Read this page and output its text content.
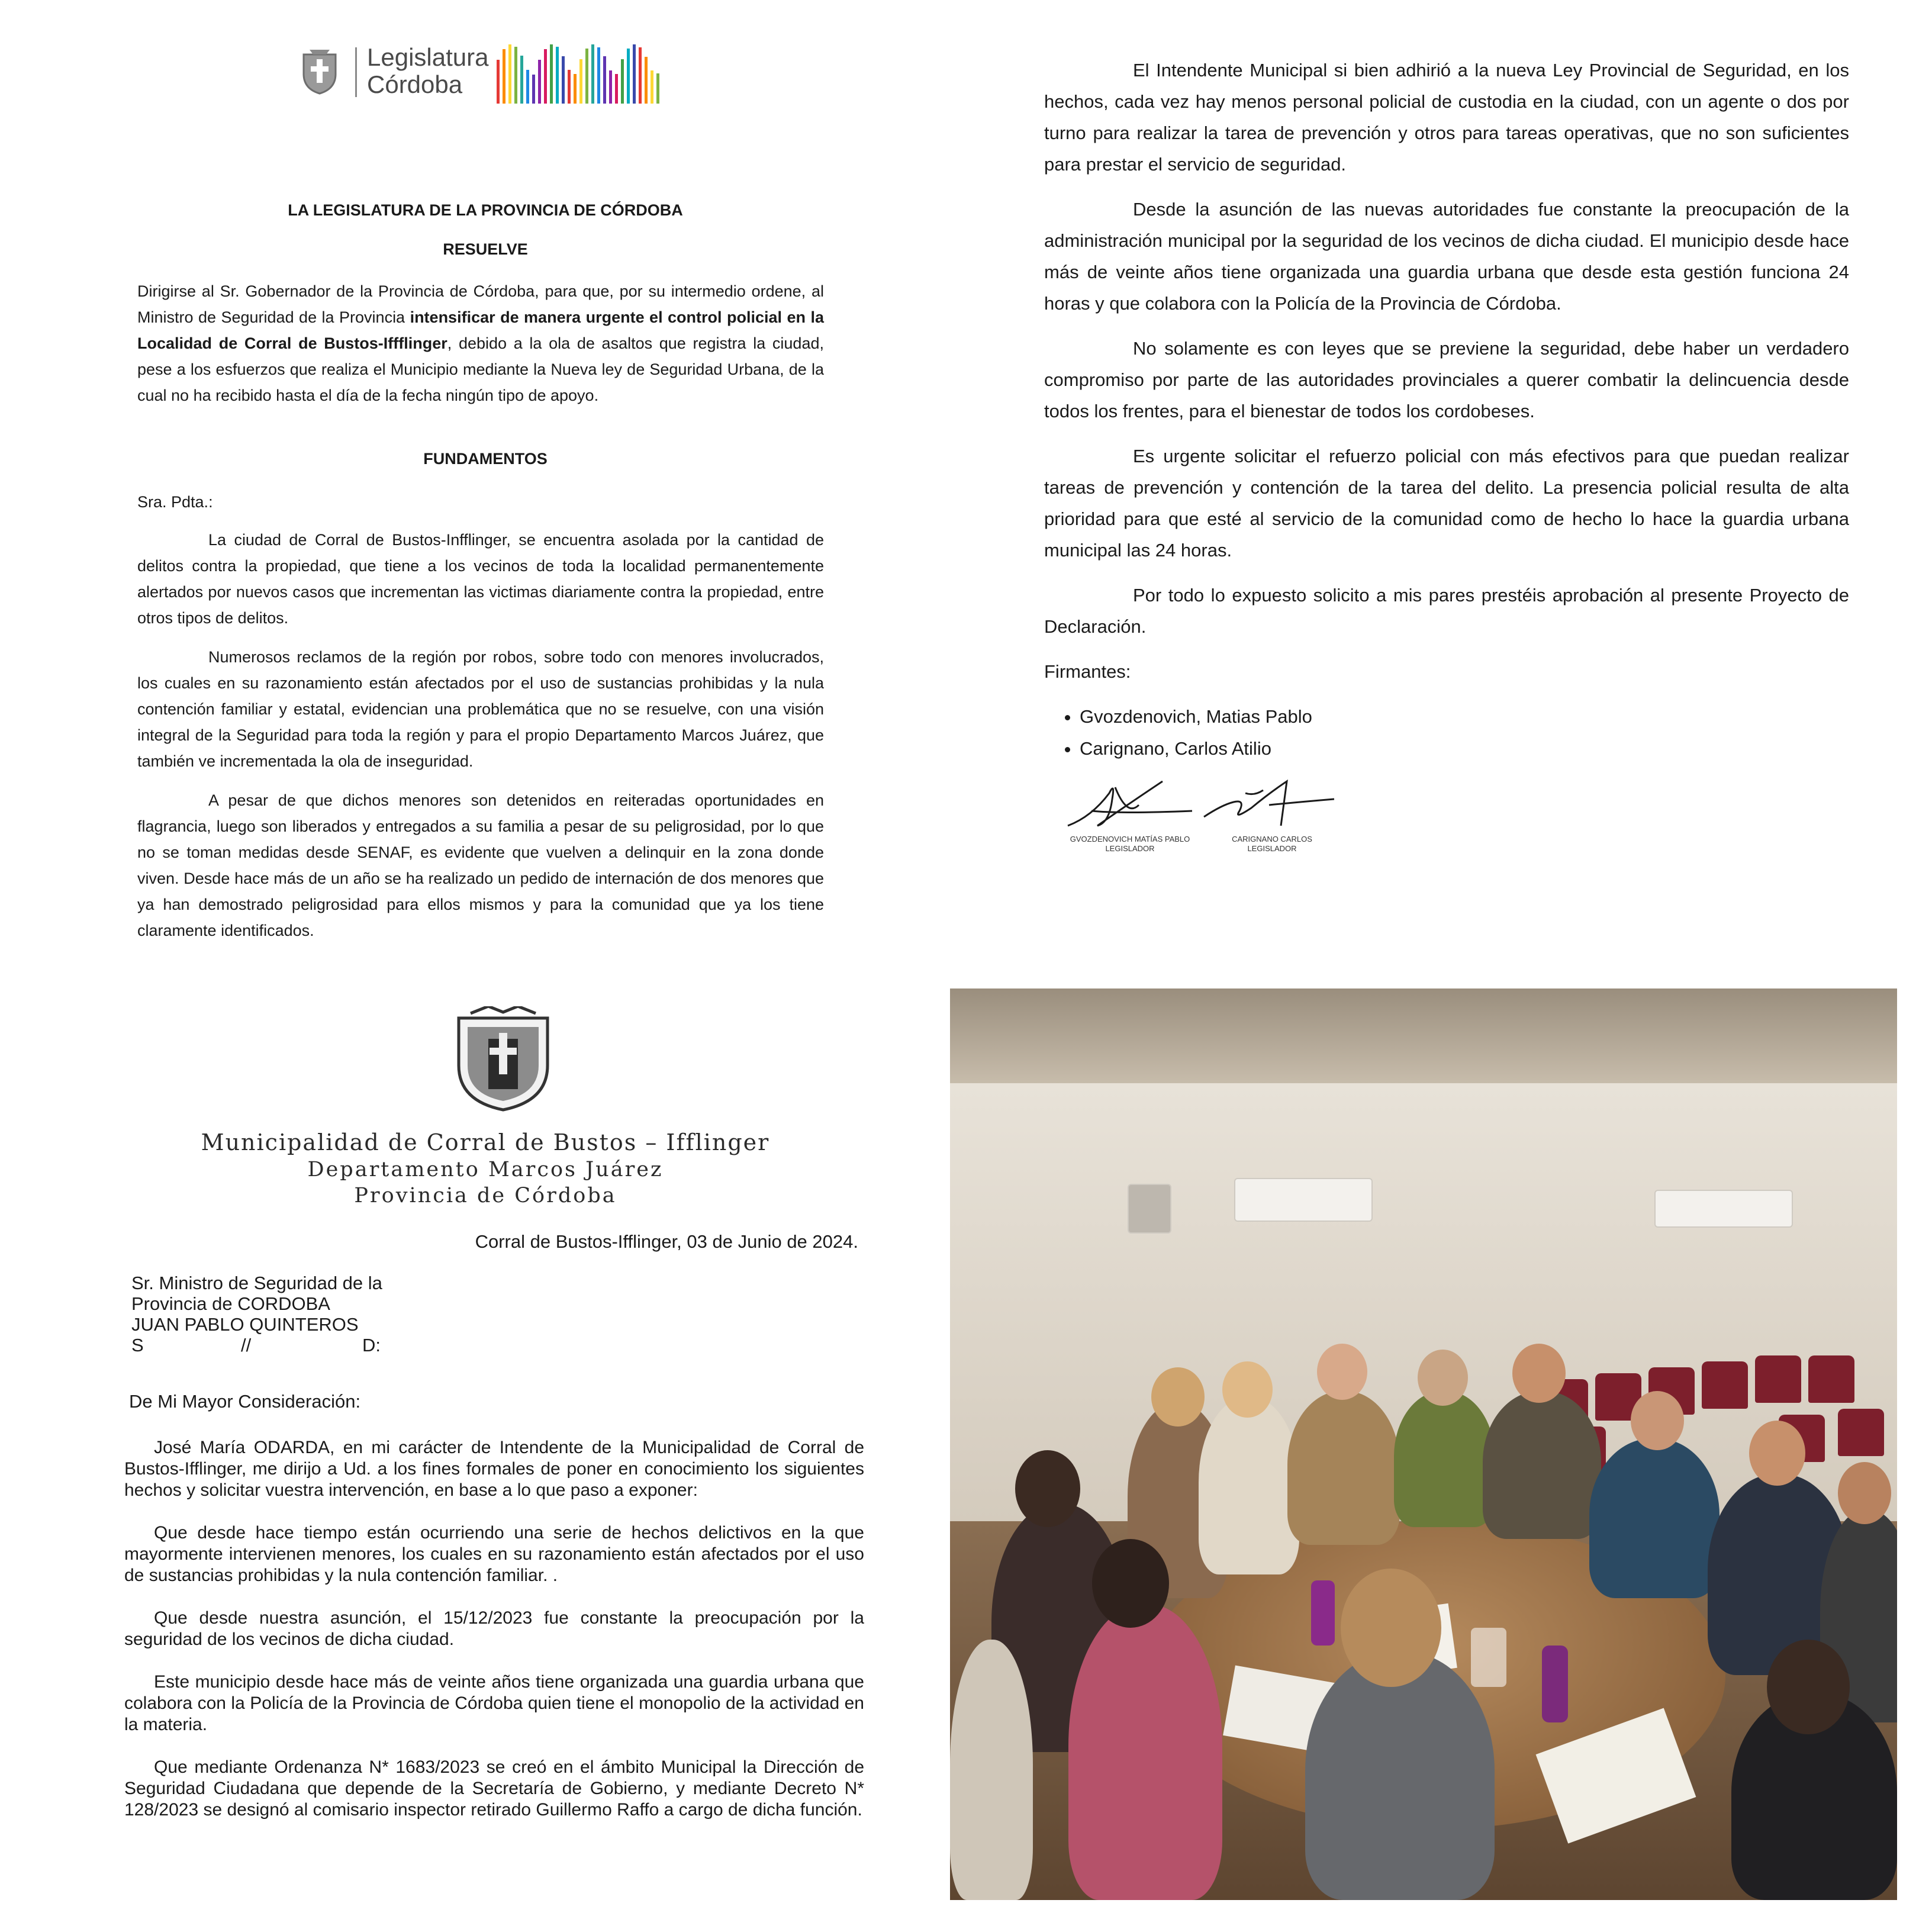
Legislatura
Córdoba
LA LEGISLATURA DE LA PROVINCIA DE CÓRDOBA
RESUELVE

Dirigirse al Sr. Gobernador de la Provincia de Córdoba, para que, por su intermedio ordene, al Ministro de Seguridad de la Provincia intensificar de manera urgente el control policial en la Localidad de Corral de Bustos-Iffflinger, debido a la ola de asaltos que registra la ciudad, pese a los esfuerzos que realiza el Municipio mediante la Nueva ley de Seguridad Urbana, de la cual no ha recibido hasta el día de la fecha ningún tipo de apoyo.

FUNDAMENTOS
Sra. Pdta.:

La ciudad de Corral de Bustos-Infflinger, se encuentra asolada por la cantidad de delitos contra la propiedad, que tiene a los vecinos de toda la localidad permanentemente alertados por nuevos casos que incrementan las victimas diariamente contra la propiedad, entre otros tipos de delitos.

Numerosos reclamos de la región por robos, sobre todo con menores involucrados, los cuales en su razonamiento están afectados por el uso de sustancias prohibidas y la nula contención familiar y estatal, evidencian una problemática que no se resuelve, con una visión integral de la Seguridad para toda la región y para el propio Departamento Marcos Juárez, que también ve incrementada la ola de inseguridad.

A pesar de que dichos menores son detenidos en reiteradas oportunidades en flagrancia, luego son liberados y entregados a su familia a pesar de su peligrosidad, por lo que no se toman medidas desde SENAF, es evidente que vuelven a delinquir en la zona donde viven. Desde hace más de un año se ha realizado un pedido de internación de dos menores que ya han demostrado peligrosidad para ellos mismos y para la comunidad que ya los tiene claramente identificados.

El Intendente Municipal si bien adhirió a la nueva Ley Provincial de Seguridad, en los hechos, cada vez hay menos personal policial de custodia en la ciudad, con un agente o dos por turno para realizar la tarea de prevención y otros para tareas operativas, que no son suficientes para prestar el servicio de seguridad.

Desde la asunción de las nuevas autoridades fue constante la preocupación de la administración municipal por la seguridad de los vecinos de dicha ciudad. El municipio desde hace más de veinte años tiene organizada una guardia urbana que desde esta gestión funciona 24 horas y que colabora con la Policía de la Provincia de Córdoba.

No solamente es con leyes que se previene la seguridad, debe haber un verdadero compromiso por parte de las autoridades provinciales a querer combatir la delincuencia desde todos los frentes, para el bienestar de todos los cordobeses.

Es urgente solicitar el refuerzo policial con más efectivos para que puedan realizar tareas de prevención y contención de la tarea del delito. La presencia policial resulta de alta prioridad para que esté al servicio de la comunidad como de hecho lo hace la guardia urbana municipal las 24 horas.

Por todo lo expuesto solicito a mis pares prestéis aprobación al presente Proyecto de Declaración.

Firmantes:

• Gvozdenovich, Matias Pablo
• Carignano, Carlos Atilio
GVOZDENOVICH MATÍAS PABLO
LEGISLADOR
CARIGNANO CARLOS
LEGISLADOR
Municipalidad de Corral de Bustos – Ifflinger
Departamento Marcos Juárez
Provincia de Córdoba
Corral de Bustos-Ifflinger, 03 de Junio de 2024.
Sr. Ministro de Seguridad de la
Provincia de CORDOBA
JUAN PABLO QUINTEROS
S	//	D:
De Mi Mayor Consideración:

José María ODARDA, en mi carácter de Intendente de la Municipalidad de Corral de Bustos-Ifflinger, me dirijo a Ud. a los fines formales de poner en conocimiento los siguientes hechos y solicitar vuestra intervención, en base a lo que paso a exponer:

Que desde hace tiempo están ocurriendo una serie de hechos delictivos en la que mayormente intervienen menores, los cuales en su razonamiento están afectados por el uso de sustancias prohibidas y la nula contención familiar. .

Que desde nuestra asunción, el 15/12/2023 fue constante la preocupación por la seguridad de los vecinos de dicha ciudad.

Este municipio desde hace más de veinte años tiene organizada una guardia urbana que colabora con la Policía de la Provincia de Córdoba quien tiene el monopolio de la actividad en la materia.

Que mediante Ordenanza N* 1683/2023 se creó en el ámbito Municipal la Dirección de Seguridad Ciudadana que depende de la Secretaría de Gobierno, y mediante Decreto N* 128/2023 se designó al comisario inspector retirado Guillermo Raffo a cargo de dicha función.
